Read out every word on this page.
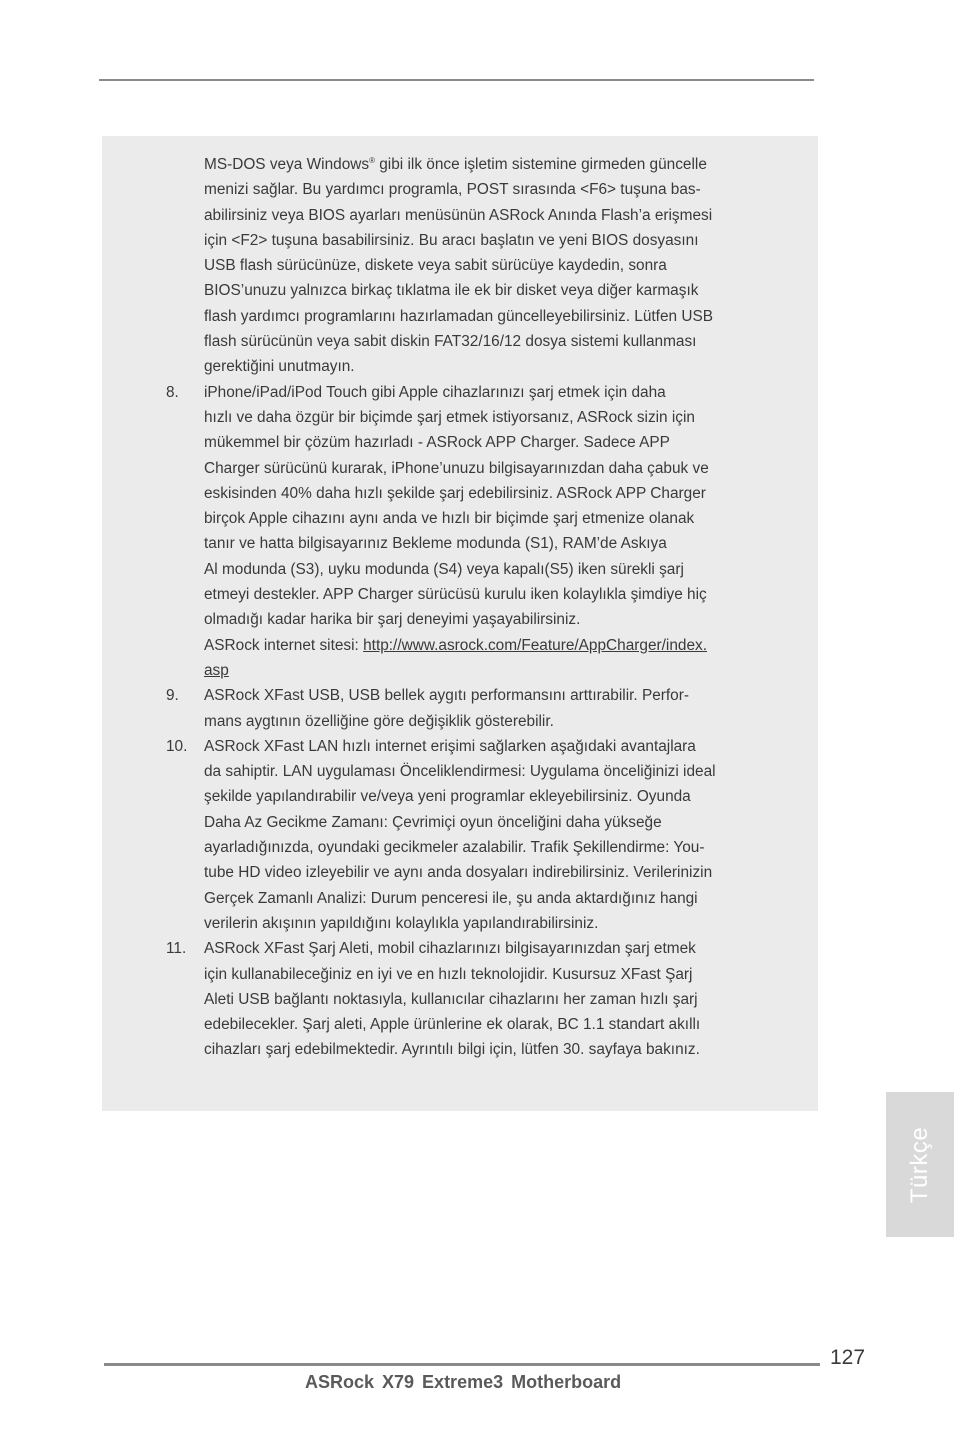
MS-DOS veya Windows® gibi ilk önce işletim sistemine girmeden güncelle
menizi sağlar. Bu yardımcı programla, POST sırasında <F6> tuşuna bas-
abilirsiniz veya BIOS ayarları menüsünün ASRock Anında Flash’a erişmesi
için <F2> tuşuna basabilirsiniz. Bu aracı başlatın ve yeni BIOS dosyasını
USB flash sürücünüze, diskete veya sabit sürücüye kaydedin, sonra
BIOS’unuzu yalnızca birkaç tıklatma ile ek bir disket veya diğer karmaşık
flash yardımcı programlarını hazırlamadan güncelleyebilirsiniz. Lütfen USB
flash sürücünün veya sabit diskin FAT32/16/12 dosya sistemi kullanması
gerektiğini unutmayın.
8.	iPhone/iPad/iPod Touch gibi Apple cihazlarınızı şarj etmek için daha
hızlı ve daha özgür bir biçimde şarj etmek istiyorsanız, ASRock sizin için
mükemmel bir çözüm hazırladı - ASRock APP Charger. Sadece APP
Charger sürücünü kurarak, iPhone’unuzu bilgisayarınızdan daha çabuk ve
eskisinden 40% daha hızlı şekilde şarj edebilirsiniz. ASRock APP Charger
birçok Apple cihazını aynı anda ve hızlı bir biçimde şarj etmenize olanak
tanır ve hatta bilgisayarınız Bekleme modunda (S1), RAM’de Askıya
Al modunda (S3), uyku modunda (S4) veya kapalı(S5) iken sürekli şarj
etmeyi destekler. APP Charger sürücüsü kurulu iken kolaylıkla şimdiye hiç
olmadığı kadar harika bir şarj deneyimi yaşayabilirsiniz.
ASRock internet sitesi: http://www.asrock.com/Feature/AppCharger/index.
asp
9.	ASRock XFast USB, USB bellek aygıtı performansını arttırabilir. Perfor-
mans aygtının özelliğine göre değişiklik gösterebilir.
10.	ASRock XFast LAN hızlı internet erişimi sağlarken aşağıdaki avantajlara
da sahiptir. LAN uygulaması Önceliklendirmesi: Uygulama önceliğinizi ideal
şekilde yapılandırabilir ve/veya yeni programlar ekleyebilirsiniz. Oyunda
Daha Az Gecikme Zamanı: Çevrimiçi oyun önceliğini daha yükseğe
ayarladığınızda, oyundaki gecikmeler azalabilir. Trafik Şekillendirme: You-
tube HD video izleyebilir ve aynı anda dosyaları indirebilirsiniz. Verilerinizin
Gerçek Zamanlı Analizi: Durum penceresi ile, şu anda aktardığınız hangi
verilerin akışının yapıldığını kolaylıkla yapılandırabilirsiniz.
11.	ASRock XFast Şarj Aleti, mobil cihazlarınızı bilgisayarınızdan şarj etmek
için kullanabileceğiniz en iyi ve en hızlı teknolojidir. Kusursuz XFast Şarj
Aleti USB bağlantı noktasıyla, kullanıcılar cihazlarını her zaman hızlı şarj
edebilecekler. Şarj aleti, Apple ürünlerine ek olarak, BC 1.1 standart akıllı
cihazları şarj edebilmektedir. Ayrıntılı bilgi için, lütfen 30. sayfaya bakınız.
Türkçe
127
ASRock X79 Extreme3 Motherboard
